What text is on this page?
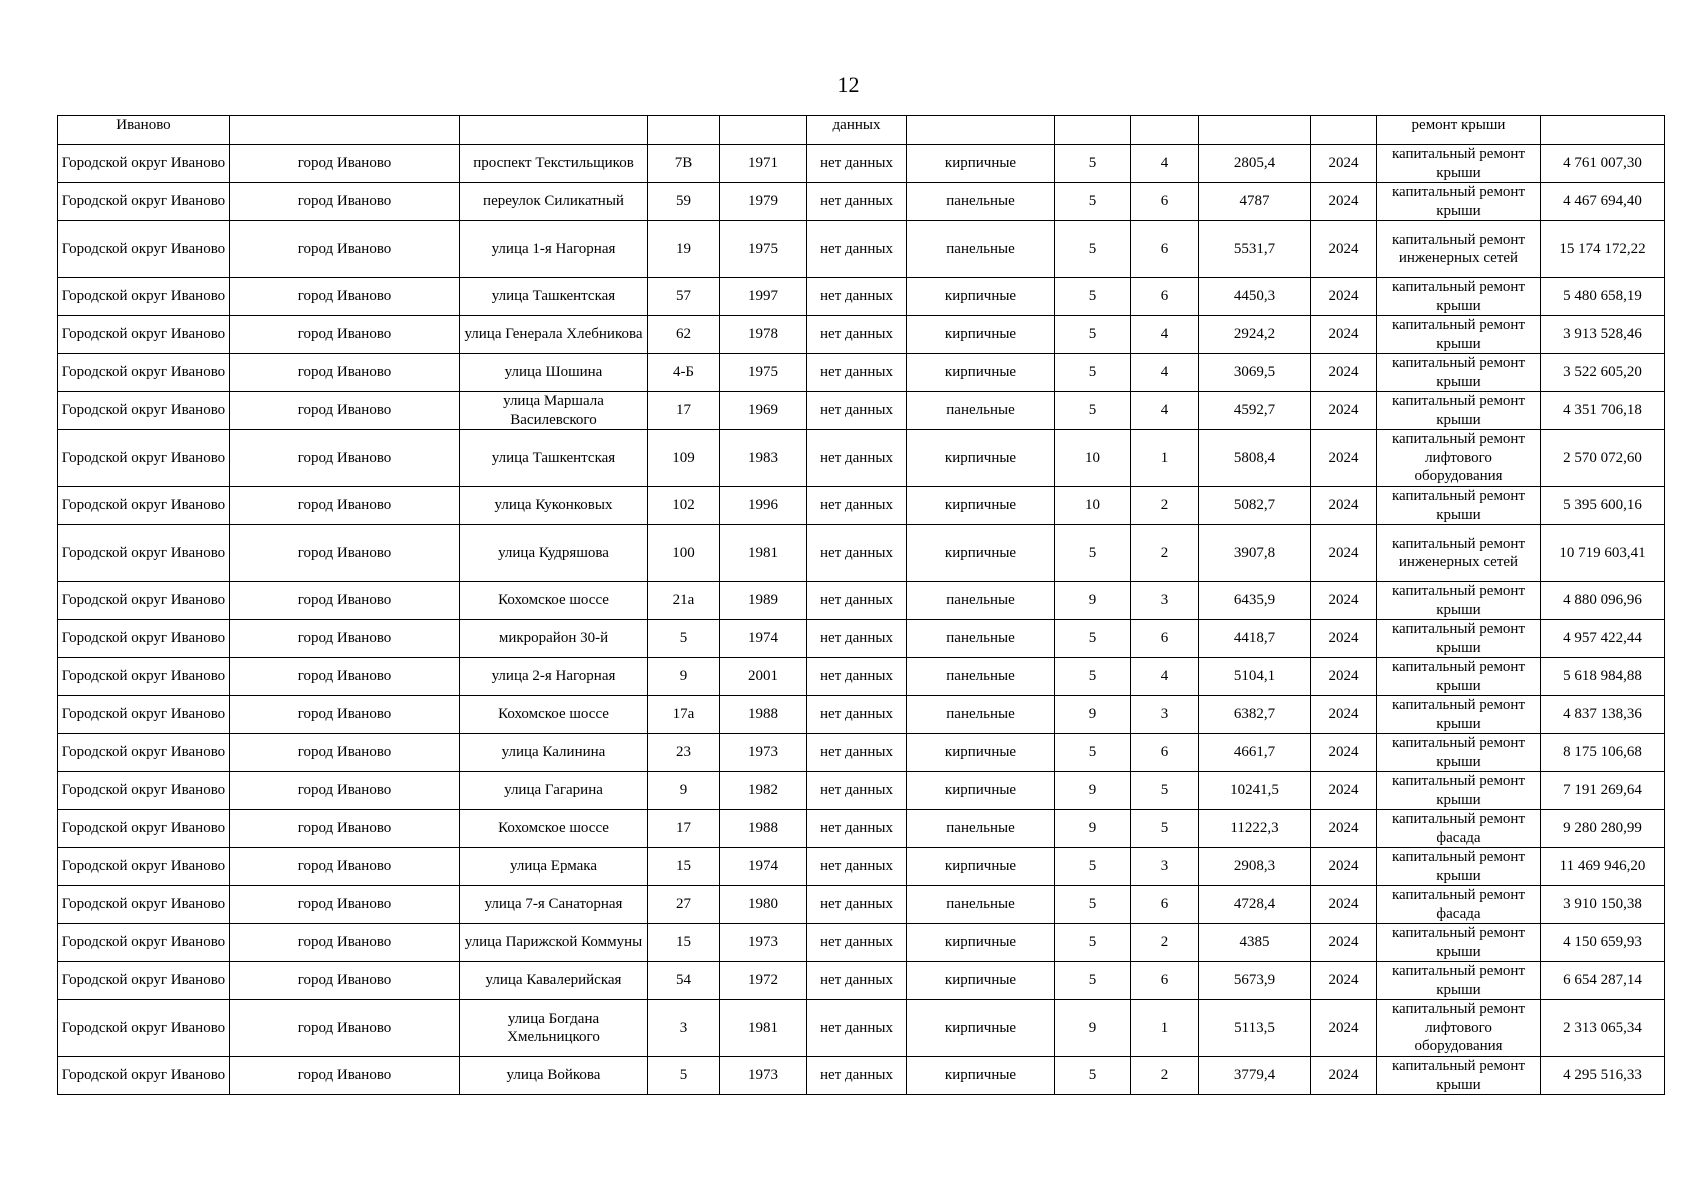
12
Иваново					данных						ремонт крыши	
Городской округ Иваново	город Иваново	проспект Текстильщиков	7В	1971	нет данных	кирпичные	5	4	2805,4	2024	капитальный ремонт крыши	4 761 007,30
Городской округ Иваново	город Иваново	переулок Силикатный	59	1979	нет данных	панельные	5	6	4787	2024	капитальный ремонт крыши	4 467 694,40
Городской округ Иваново	город Иваново	улица 1-я Нагорная	19	1975	нет данных	панельные	5	6	5531,7	2024	капитальный ремонт инженерных сетей	15 174 172,22
Городской округ Иваново	город Иваново	улица Ташкентская	57	1997	нет данных	кирпичные	5	6	4450,3	2024	капитальный ремонт крыши	5 480 658,19
Городской округ Иваново	город Иваново	улица Генерала Хлебникова	62	1978	нет данных	кирпичные	5	4	2924,2	2024	капитальный ремонт крыши	3 913 528,46
Городской округ Иваново	город Иваново	улица Шошина	4-Б	1975	нет данных	кирпичные	5	4	3069,5	2024	капитальный ремонт крыши	3 522 605,20
Городской округ Иваново	город Иваново	улица Маршала Василевского	17	1969	нет данных	панельные	5	4	4592,7	2024	капитальный ремонт крыши	4 351 706,18
Городской округ Иваново	город Иваново	улица Ташкентская	109	1983	нет данных	кирпичные	10	1	5808,4	2024	капитальный ремонт лифтового оборудования	2 570 072,60
Городской округ Иваново	город Иваново	улица Куконковых	102	1996	нет данных	кирпичные	10	2	5082,7	2024	капитальный ремонт крыши	5 395 600,16
Городской округ Иваново	город Иваново	улица Кудряшова	100	1981	нет данных	кирпичные	5	2	3907,8	2024	капитальный ремонт инженерных сетей	10 719 603,41
Городской округ Иваново	город Иваново	Кохомское шоссе	21а	1989	нет данных	панельные	9	3	6435,9	2024	капитальный ремонт крыши	4 880 096,96
Городской округ Иваново	город Иваново	микрорайон 30-й	5	1974	нет данных	панельные	5	6	4418,7	2024	капитальный ремонт крыши	4 957 422,44
Городской округ Иваново	город Иваново	улица 2-я Нагорная	9	2001	нет данных	панельные	5	4	5104,1	2024	капитальный ремонт крыши	5 618 984,88
Городской округ Иваново	город Иваново	Кохомское шоссе	17а	1988	нет данных	панельные	9	3	6382,7	2024	капитальный ремонт крыши	4 837 138,36
Городской округ Иваново	город Иваново	улица Калинина	23	1973	нет данных	кирпичные	5	6	4661,7	2024	капитальный ремонт крыши	8 175 106,68
Городской округ Иваново	город Иваново	улица Гагарина	9	1982	нет данных	кирпичные	9	5	10241,5	2024	капитальный ремонт крыши	7 191 269,64
Городской округ Иваново	город Иваново	Кохомское шоссе	17	1988	нет данных	панельные	9	5	11222,3	2024	капитальный ремонт фасада	9 280 280,99
Городской округ Иваново	город Иваново	улица Ермака	15	1974	нет данных	кирпичные	5	3	2908,3	2024	капитальный ремонт крыши	11 469 946,20
Городской округ Иваново	город Иваново	улица 7-я Санаторная	27	1980	нет данных	панельные	5	6	4728,4	2024	капитальный ремонт фасада	3 910 150,38
Городской округ Иваново	город Иваново	улица Парижской Коммуны	15	1973	нет данных	кирпичные	5	2	4385	2024	капитальный ремонт крыши	4 150 659,93
Городской округ Иваново	город Иваново	улица Кавалерийская	54	1972	нет данных	кирпичные	5	6	5673,9	2024	капитальный ремонт крыши	6 654 287,14
Городской округ Иваново	город Иваново	улица Богдана Хмельницкого	3	1981	нет данных	кирпичные	9	1	5113,5	2024	капитальный ремонт лифтового оборудования	2 313 065,34
Городской округ Иваново	город Иваново	улица Войкова	5	1973	нет данных	кирпичные	5	2	3779,4	2024	капитальный ремонт крыши	4 295 516,33
